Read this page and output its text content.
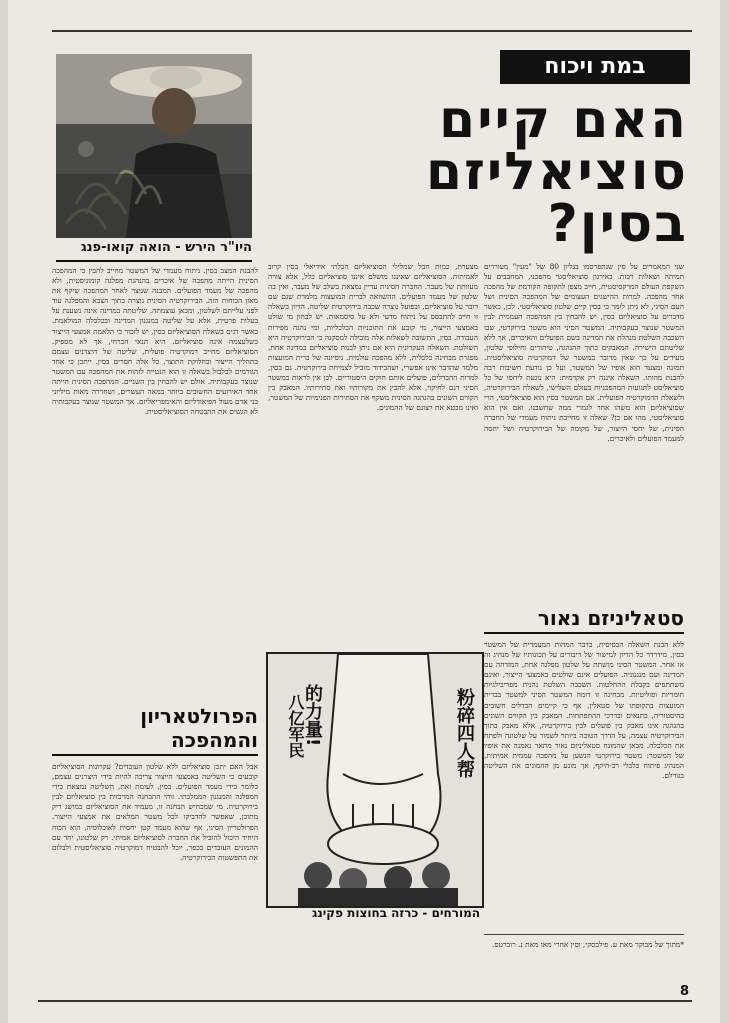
במת ויכוח
האם קיים
סוציאליזם
בסין?
היו"ר הירש - הואה קואו-פנג

שני המאמרים על סין שנתפרסמו בגליון 80 של "מעין" מעוררים תמיהה ושאלות רבות. באירגון סוציאליסטי מהפכני, המחבבים על השקפת העולם המרקסיסטית, חייב מצפן לתקופה הקודמת של מהפכה אחר מהפכה. למרות ההישגים העצומים של המהפכה הסינית ושל העם הסיני, לא ניתן לומר כי בסין קיים שלטון סוציאליסטי. לכן, כאשר מדברים על סוציאליזם בסין, יש להבחין בין המהפכה העממית לבין המשטר שנוצר בעקבותיה. המשטר הסיני הוא משטר בירוקרטי, שבו השכבה השלטת מנהלת את המדינה בשם הפועלים והאיכרים, אך ללא שליטתם הישירה. המאבקים בתוך ההנהגה, טיהורים וחילופי שלטון, מעידים על כך שאין מדובר במשטר של דמוקרטיה סוציאליסטית. תמונה ומצעד הוא אופיו של המשטר, ועל כן נודעת חשיבות רבה להבנת מהותו. השאלה איננה רק אקדמית: היא נוגעת ליחסו של כל סוציאליסט לתנועות המהפכניות בעולם השלישי, לשאלת הבירוקרטיה, ולשאלת הדמוקרטיה הפועלית. אם המשטר בסין הוא סוציאליסטי, הרי שסוציאליזם הוא משהו אחר לגמרי ממה שחשבנו. ואם אין הוא סוציאליסטי, מהו אם כן? שאלה זו מחייבת ניתוח מעמדי של החברה הסינית, של יחסי הייצור, של מקומה של הבירוקרטיה ושל יחסה למעמד הפועלים ולאיכרים.

סטאליניזם נאור

ללא הבנת השאלה הבסיסית, בדבר המהות המעמדית של המשטר בסין, מידרדר כל הדיון למישור של דיבורים על תכונותיו של מנהיג זה או אחר. המשטר הסיני מושתת על שלטון מפלגה אחת, המזדהה עם המדינה ועם מנגנוניה. הפועלים אינם שולטים באמצעי הייצור, ואינם משתתפים בקבלת ההחלטות. השכבה השלטת נהנית מפריבילגיות חומריות ופוליטיות. מבחינה זו דומה המשטר הסיני למשטר בברית המועצות בתקופתו של סטאלין, אף כי קיימים הבדלים חשובים בהיסטוריה, בתנאים ובדרכי ההתפתחות. המאבק בין הקווים השונים בהנהגה אינו מאבק בין פועלים לבין בירוקרטיה, אלא מאבק בתוך הבירוקרטיה עצמה, על הדרך הטובה ביותר לשמור על שלטונה ולפתח את הכלכלה. מכאן שהמונח סטאליניזם נאור מתאר נאמנה את אופיו של המשטר: משטר בירוקרטי הנשען על מהפכה עממית אמיתית, המנהיג פיתוח כלכלי רב-היקף, אך מונע מן ההמונים את השליטה בגורלם.

*מתוך של מבוקר מאת ע. פילבסקי, וסין אחרי מאו מאת נ. רוברטס.

מצערת, כמות חבל שמלילי הסוציאליזם הבלתי אידיאלי בסין קרוב לאמיתות. הסוציאליזם שאיננו מושלם איננו סוציאליזם כלל, אלא צורה מעוותת של מעבר. החברה הסינית עדיין נמצאת בשלב של מעבר, ואין בה שלטון של מעמד הפועלים. ההשוואה לברית המועצות מלמדת שגם שם דובר על סוציאליזם, ובפועל נוצרה שכבה בירוקרטית שליטה. הדיון בשאלה זו חייב להתבסס על ניתוח מדעי ולא על סיסמאות. יש לבחון מי שולט באמצעי הייצור, מי קובע את התוכניות הכלכליות, ומי נהנה מפירות העבודה. בסין, התשובה לשאלות אלה מובילה למסקנה כי הבירוקרטיה היא השולטת. השאלה העקרונית היא אם ניתן לבנות סוציאליזם במדינה אחת, מפגרת מבחינה כלכלית, ללא מהפכה עולמית. ניסיונה של ברית המועצות מלמד שהדבר אינו אפשרי, ושהבידוד מוביל לצמיחת בירוקרטיה. גם בסין, למרות ההבדלים, פועלים אותם חוקים היסטוריים. לכן אין לראות במשטר הסיני דגם לחיקוי, אלא להבין את מקורותיו ואת סתירותיו. המאבק בין הקווים השונים בהנהגה הסינית משקף את הסתירות הפנימיות של המשטר, ואינו מבטא את רצונם של ההמונים.

的力量!
八亿军民	粉碎四人帮
המורחים - כרזה בחוצות פקינג

להבנת המצב בסין. ניתוח מעמדי של המשטר מחייב להבין כי המהפכה הסינית הייתה מהפכה של איכרים בהנהגת מפלגה קומוניסטית, ולא מהפכה של מעמד הפועלים. המבנה שנוצר לאחר המהפכה שיקף את מאזן הכוחות הזה. הבירוקרטיה הסינית נוצרה בתוך הצבא והמפלגה עוד לפני עלייתם לשלטון, ומכאן עוצמתה. שליטתה במדינה אינה נשענת על בעלות פרטית, אלא על שליטה במנגנון המדינה ובכלכלה המולאמת. כאשר דנים בשאלת הסוציאליזם בסין, יש לזכור כי הלאמת אמצעי הייצור כשלעצמה אינה סוציאליזם. היא תנאי הכרחי, אך לא מספיק. הסוציאליזם מחייב דמוקרטיה פועלית, שליטה של היצרנים עצמם בתהליך הייצור ובחלוקת התוצר. כל אלה חסרים בסין. ייתכן כי אחד הגורמים לבלבול בשאלה זו הוא הנטייה לזהות את המהפכה עם המשטר שנוצר בעקבותיה. אולם יש להבחין בין השניים. המהפכה הסינית הייתה אחד האירועים החשובים ביותר במאה העשרים, ושחררה מאות מיליוני בני אדם מעול הפיאודליזם והאימפריאליזם. אך המשטר שנוצר בעקבותיה לא הגשים את ההבטחה הסוציאליסטית.

הפרולטאריון
והמהפכה

אבל האם יתכן סוציאליזם ללא שלטון העובדים? עקרונות הסוציאליזם קובעים כי השליטה באמצעי הייצור צריכה להיות בידי היצרנים עצמם, כלומר בידי מעמד הפועלים. בסין, לעומת זאת, השליטה נמצאת בידי המפלגה והמנגנון הממלכתי. זוהי ההבחנה המרכזית בין סוציאליזם לבין בירוקרטיה. מי שמכחיש הבחנה זו, מעמיד את הסוציאליזם כמושג ריק מתוכן, שאפשר להדביקו לכל משטר המלאים את אמצעי הייצור. הפרולטריון הסיני, אף שהוא מעמד קטן יחסית לאוכלוסיה, הוא הכוח היחיד היכול להוביל את החברה לסוציאליזם אמיתי. רק שלטונו, יחד עם ההמונים העובדים בכפר, יוכל להבטיח דמוקרטיה סוציאליסטית ולבלום את התפשטות הבירוקרטיה.

8
